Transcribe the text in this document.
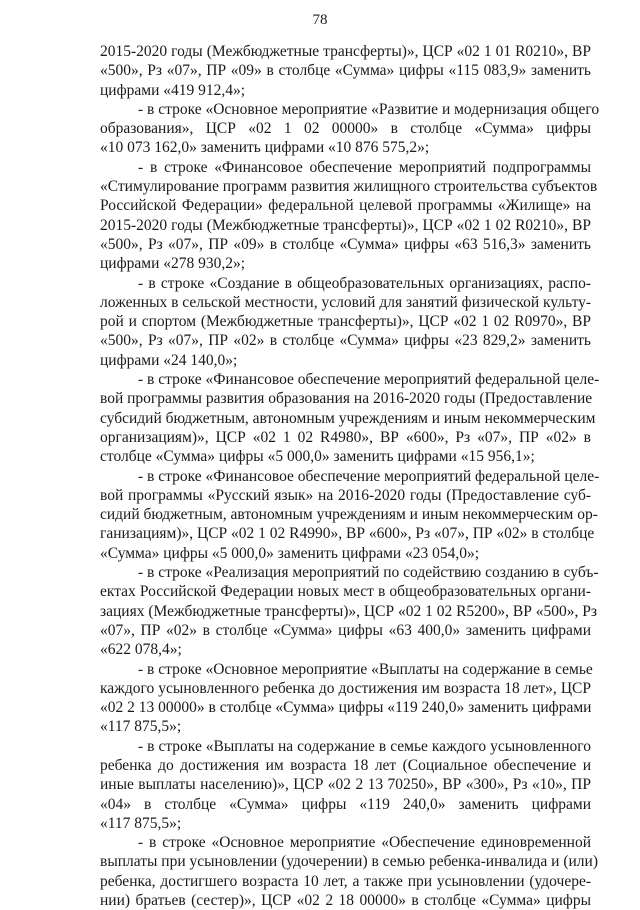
78
2015-2020 годы (Межбюджетные трансферты)», ЦСР «02 1 01 R0210», ВР
«500», Рз «07», ПР «09» в столбце «Сумма» цифры «115 083,9» заменить
цифрами «419 912,4»;
- в строке «Основное мероприятие «Развитие и модернизация общего
образования», ЦСР «02 1 02 00000» в столбце «Сумма» цифры
«10 073 162,0» заменить цифрами «10 876 575,2»;
- в строке «Финансовое обеспечение мероприятий подпрограммы
«Стимулирование программ развития жилищного строительства субъектов
Российской Федерации» федеральной целевой программы «Жилище» на
2015-2020 годы (Межбюджетные трансферты)», ЦСР «02 1 02 R0210», ВР
«500», Рз «07», ПР «09» в столбце «Сумма» цифры «63 516,3» заменить
цифрами «278 930,2»;
- в строке «Создание в общеобразовательных организациях, распо-
ложенных в сельской местности, условий для занятий физической культу-
рой и спортом (Межбюджетные трансферты)», ЦСР «02 1 02 R0970», ВР
«500», Рз «07», ПР «02» в столбце «Сумма» цифры «23 829,2» заменить
цифрами «24 140,0»;
- в строке «Финансовое обеспечение мероприятий федеральной целе-
вой программы развития образования на 2016-2020 годы (Предоставление
субсидий бюджетным, автономным учреждениям и иным некоммерческим
организациям)», ЦСР «02 1 02 R4980», ВР «600», Рз «07», ПР «02» в
столбце «Сумма» цифры «5 000,0» заменить цифрами «15 956,1»;
- в строке «Финансовое обеспечение мероприятий федеральной целе-
вой программы «Русский язык» на 2016-2020 годы (Предоставление суб-
сидий бюджетным, автономным учреждениям и иным некоммерческим ор-
ганизациям)», ЦСР «02 1 02 R4990», ВР «600», Рз «07», ПР «02» в столбце
«Сумма» цифры «5 000,0» заменить цифрами «23 054,0»;
- в строке «Реализация мероприятий по содействию созданию в субъ-
ектах Российской Федерации новых мест в общеобразовательных органи-
зациях (Межбюджетные трансферты)», ЦСР «02 1 02 R5200», ВР «500», Рз
«07», ПР «02» в столбце «Сумма» цифры «63 400,0» заменить цифрами
«622 078,4»;
- в строке «Основное мероприятие «Выплаты на содержание в семье
каждого усыновленного ребенка до достижения им возраста 18 лет», ЦСР
«02 2 13 00000» в столбце «Сумма» цифры «119 240,0» заменить цифрами
«117 875,5»;
- в строке «Выплаты на содержание в семье каждого усыновленного
ребенка до достижения им возраста 18 лет (Социальное обеспечение и
иные выплаты населению)», ЦСР «02 2 13 70250», ВР «300», Рз «10», ПР
«04» в столбце «Сумма» цифры «119 240,0» заменить цифрами
«117 875,5»;
- в строке «Основное мероприятие «Обеспечение единовременной
выплаты при усыновлении (удочерении) в семью ребенка-инвалида и (или)
ребенка, достигшего возраста 10 лет, а также при усыновлении (удочере-
нии) братьев (сестер)», ЦСР «02 2 18 00000» в столбце «Сумма» цифры
